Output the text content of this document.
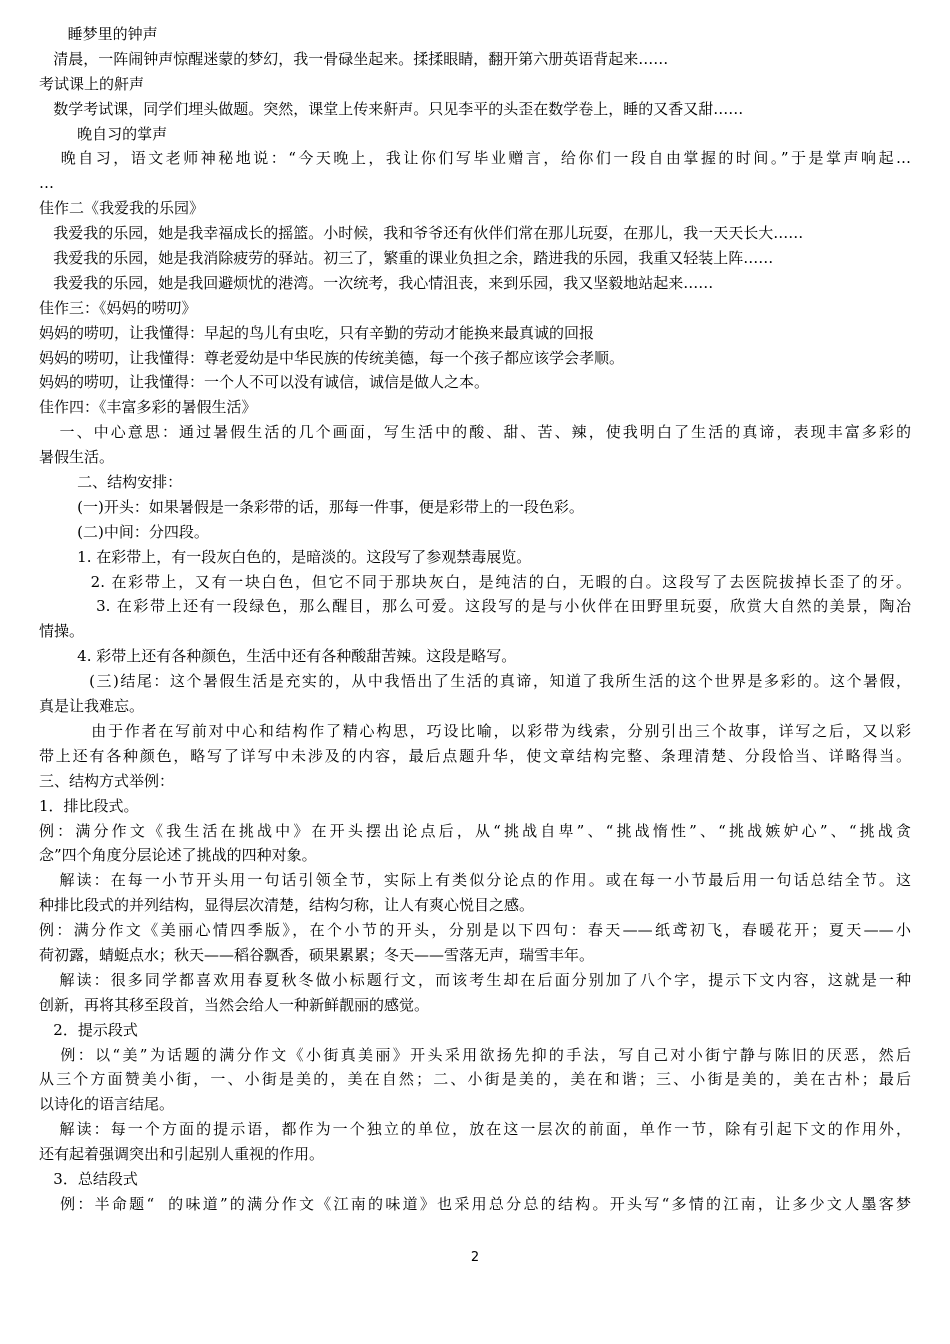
睡梦里的钟声
清晨，一阵闹钟声惊醒迷蒙的梦幻，我一骨碌坐起来。揉揉眼睛，翻开第六册英语背起来……
考试课上的鼾声
数学考试课，同学们埋头做题。突然，课堂上传来鼾声。只见李平的头歪在数学卷上，睡的又香又甜……
晚自习的掌声
晚自习，语文老师神秘地说：“今天晚上，我让你们写毕业赠言，给你们一段自由掌握的时间。”于是掌声响起…
…
佳作二《我爱我的乐园》
我爱我的乐园，她是我幸福成长的摇篮。小时候，我和爷爷还有伙伴们常在那儿玩耍，在那儿，我一天天长大……
我爱我的乐园，她是我消除疲劳的驿站。初三了，繁重的课业负担之余，踏进我的乐园，我重又轻装上阵……
我爱我的乐园，她是我回避烦忧的港湾。一次统考，我心情沮丧，来到乐园，我又坚毅地站起来……
佳作三：《妈妈的唠叨》
妈妈的唠叨，让我懂得：早起的鸟儿有虫吃，只有辛勤的劳动才能换来最真诚的回报
妈妈的唠叨，让我懂得：尊老爱幼是中华民族的传统美德，每一个孩子都应该学会孝顺。
妈妈的唠叨，让我懂得：一个人不可以没有诚信，诚信是做人之本。
佳作四：《丰富多彩的暑假生活》
一、中心意思：通过暑假生活的几个画面，写生活中的酸、甜、苦、辣，使我明白了生活的真谛，表现丰富多彩的
暑假生活。
二、结构安排：
(一)开头：如果暑假是一条彩带的话，那每一件事，便是彩带上的一段色彩。
(二)中间：分四段。
1. 在彩带上，有一段灰白色的，是暗淡的。这段写了参观禁毒展览。
2. 在彩带上，又有一块白色，但它不同于那块灰白，是纯洁的白，无暇的白。这段写了去医院拔掉长歪了的牙。
3. 在彩带上还有一段绿色，那么醒目，那么可爱。这段写的是与小伙伴在田野里玩耍，欣赏大自然的美景，陶冶
情操。
4. 彩带上还有各种颜色，生活中还有各种酸甜苦辣。这段是略写。
(三)结尾：这个暑假生活是充实的，从中我悟出了生活的真谛，知道了我所生活的这个世界是多彩的。这个暑假，
真是让我难忘。
由于作者在写前对中心和结构作了精心构思，巧设比喻，以彩带为线索，分别引出三个故事，详写之后，又以彩
带上还有各种颜色，略写了详写中未涉及的内容，最后点题升华，使文章结构完整、条理清楚、分段恰当、详略得当。
三、结构方式举例：
1．排比段式。
例：满分作文《我生活在挑战中》在开头摆出论点后，从“挑战自卑”、“挑战惰性”、“挑战嫉妒心”、“挑战贪
念”四个角度分层论述了挑战的四种对象。
解读：在每一小节开头用一句话引领全节，实际上有类似分论点的作用。或在每一小节最后用一句话总结全节。这
种排比段式的并列结构，显得层次清楚，结构匀称，让人有爽心悦目之感。
例：满分作文《美丽心情四季版》，在个小节的开头，分别是以下四句：春天——纸鸢初飞，春暖花开；夏天——小
荷初露，蜻蜓点水；秋天——稻谷飘香，硕果累累；冬天——雪落无声，瑞雪丰年。
解读：很多同学都喜欢用春夏秋冬做小标题行文，而该考生却在后面分别加了八个字，提示下文内容，这就是一种
创新，再将其移至段首，当然会给人一种新鲜靓丽的感觉。
2．提示段式
例：以“美”为话题的满分作文《小街真美丽》开头采用欲扬先抑的手法，写自己对小街宁静与陈旧的厌恶，然后
从三个方面赞美小街，一、小街是美的，美在自然；二、小街是美的，美在和谐；三、小街是美的，美在古朴；最后
以诗化的语言结尾。
解读：每一个方面的提示语，都作为一个独立的单位，放在这一层次的前面，单作一节，除有引起下文的作用外，
还有起着强调突出和引起别人重视的作用。
3．总结段式
例：半命题“  的味道”的满分作文《江南的味道》也采用总分总的结构。开头写“多情的江南，让多少文人墨客梦
2
